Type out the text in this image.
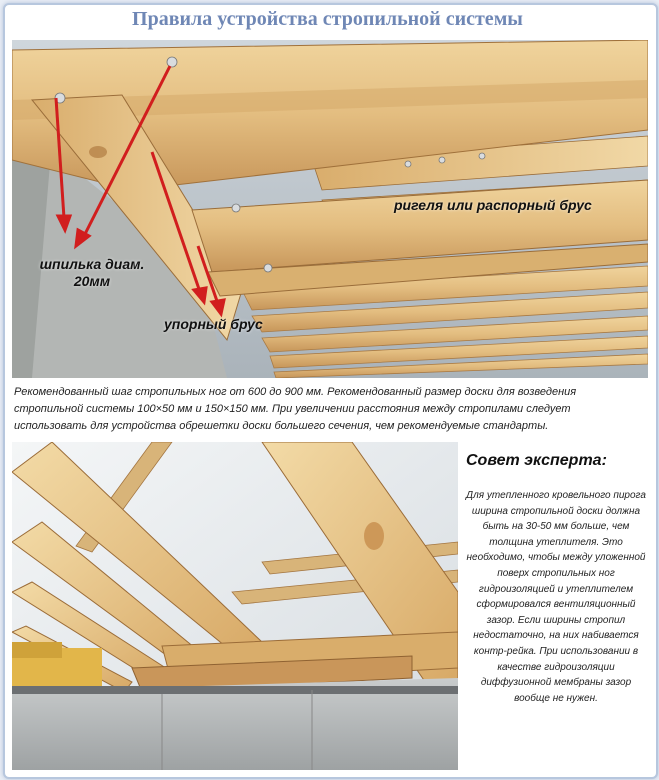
Правила устройства стропильной системы
шпилька диам.
20мм
ригеля или распорный брус
упорный брус
Рекомендованный шаг стропильных ног от 600 до 900 мм. Рекомендованный размер доски для возведения стропильной системы 100×50 мм и 150×150 мм. При увеличении расстояния между стропилами следует использовать для устройства обрешетки доски большего сечения, чем рекомендуемые стандарты.
Совет эксперта:
Для утепленного кровельного пирога ширина стропильной доски должна быть на 30-50 мм больше, чем толщина утеплителя. Это необходимо, чтобы между уложенной поверх стропильных ног гидроизоляцией и утеплителем сформировался вентиляционный зазор. Если ширины стропил недостаточно, на них набивается контр-рейка. При использовании в качестве гидроизоляции диффузионной мембраны зазор вообще не нужен.
